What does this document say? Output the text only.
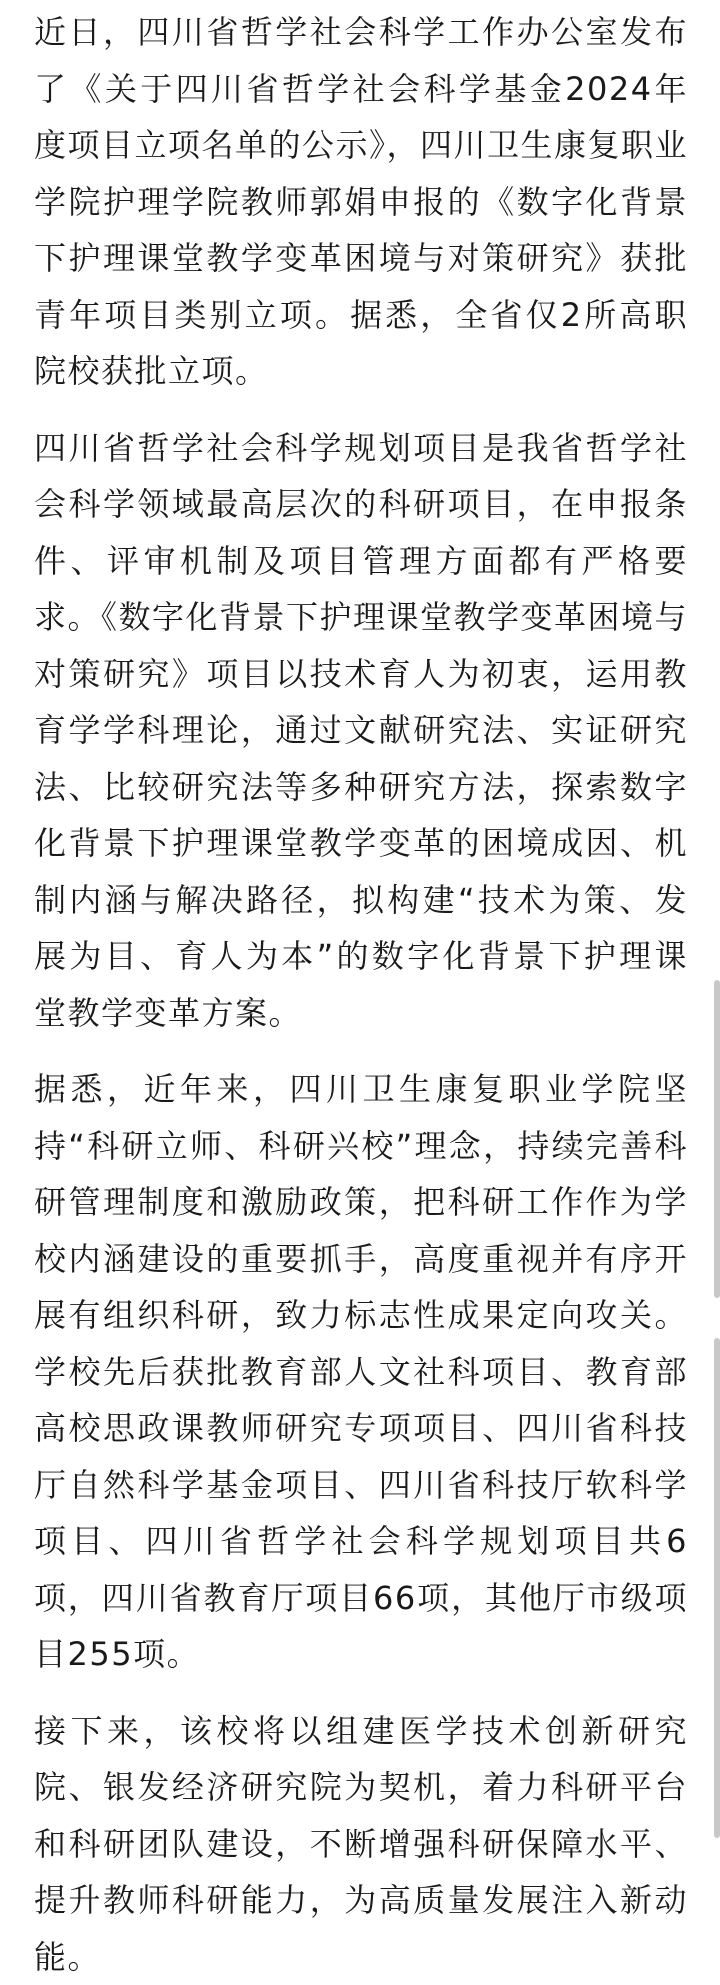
近日，四川省哲学社会科学工作办公室发布了《关于四川省哲学社会科学基金2024年度项目立项名单的公示》，四川卫生康复职业学院护理学院教师郭娟申报的《数字化背景下护理课堂教学变革困境与对策研究》获批青年项目类别立项。据悉，全省仅2所高职院校获批立项。

四川省哲学社会科学规划项目是我省哲学社会科学领域最高层次的科研项目，在申报条件、评审机制及项目管理方面都有严格要求。《数字化背景下护理课堂教学变革困境与对策研究》项目以技术育人为初衷，运用教育学学科理论，通过文献研究法、实证研究法、比较研究法等多种研究方法，探索数字化背景下护理课堂教学变革的困境成因、机制内涵与解决路径，拟构建“技术为策、发展为目、育人为本”的数字化背景下护理课堂教学变革方案。

据悉，近年来，四川卫生康复职业学院坚持“科研立师、科研兴校”理念，持续完善科研管理制度和激励政策，把科研工作作为学校内涵建设的重要抓手，高度重视并有序开展有组织科研，致力标志性成果定向攻关。学校先后获批教育部人文社科项目、教育部高校思政课教师研究专项项目、四川省科技厅自然科学基金项目、四川省科技厅软科学项目、四川省哲学社会科学规划项目共6项，四川省教育厅项目66项，其他厅市级项目255项。

接下来，该校将以组建医学技术创新研究院、银发经济研究院为契机，着力科研平台和科研团队建设，不断增强科研保障水平、提升教师科研能力，为高质量发展注入新动能。
